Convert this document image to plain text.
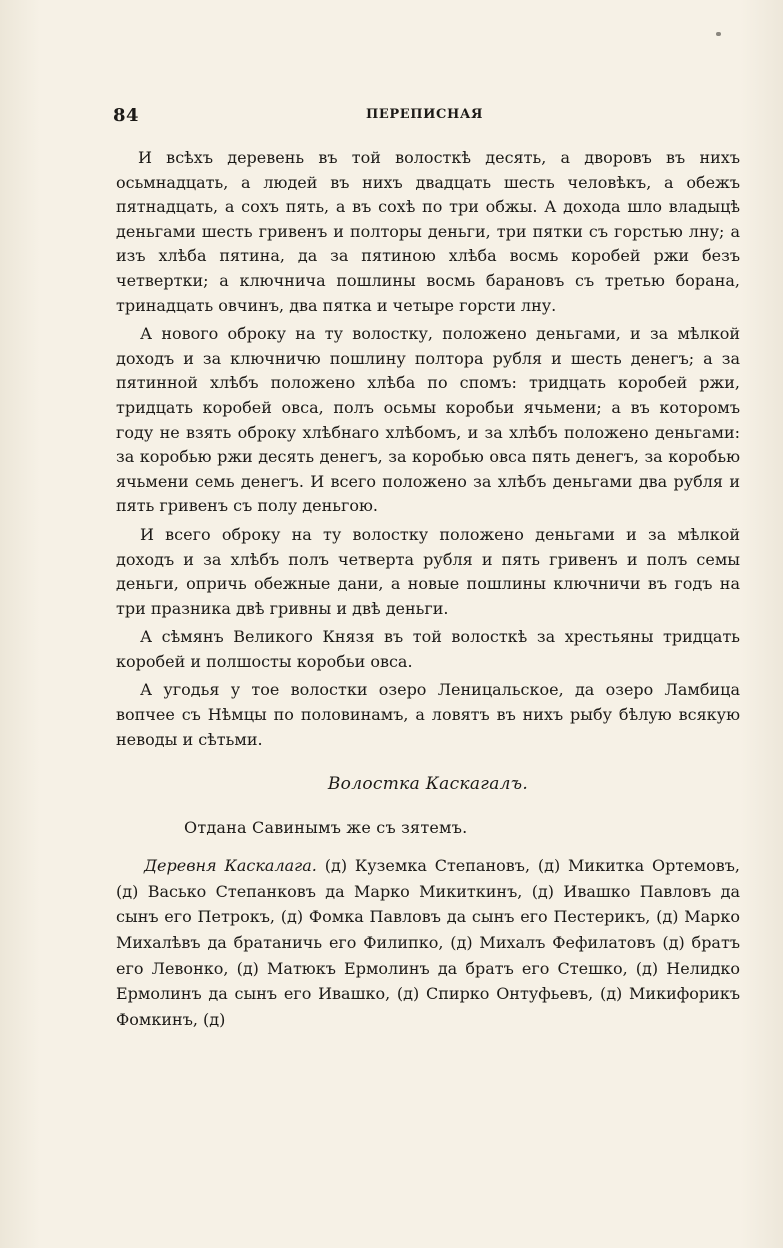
84	ПЕРЕПИСНАЯ

И всѣхъ деревень въ той волосткѣ десять, а дворовъ въ нихъ осьмнадцать, а людей въ нихъ двадцать шесть человѣкъ, а обежъ пятнадцать, а сохъ пять, а въ сохѣ по три обжы. А дохода шло владыцѣ деньгами шесть гривенъ и полторы деньги, три пятки съ горстью лну; а изъ хлѣба пятина, да за пятиною хлѣба восмь коробей ржи безъ четвертки; а ключнича пошлины восмь барановъ съ третью борана, тринадцать овчинъ, два пятка и четыре горсти лну.

А нового оброку на ту волостку, положено деньгами, и за мѣлкой доходъ и за ключничю пошлину полтора рубля и шесть денегъ; а за пятинной хлѣбъ положено хлѣба по спомъ: тридцать коробей ржи, тридцать коробей овса, полъ осьмы коробьи ячьмени; а въ которомъ году не взять оброку хлѣбнаго хлѣбомъ, и за хлѣбъ положено деньгами: за коробью ржи десять денегъ, за коробью овса пять денегъ, за коробью ячьмени семь денегъ. И всего положено за хлѣбъ деньгами два рубля и пять гривенъ съ полу деньгою.

И всего оброку на ту волостку положено деньгами и за мѣлкой доходъ и за хлѣбъ полъ четверта рубля и пять гривенъ и полъ семы деньги, опричь обежные дани, а новые пошлины ключничи въ годъ на три празника двѣ гривны и двѣ деньги.

А сѣмянъ Великого Князя въ той волосткѣ за хрестьяны тридцать коробей и полшосты коробьи овса.

А угодья у тое волостки озеро Леницальское, да озеро Ламбица вопчее съ Нѣмцы по половинамъ, а ловятъ въ нихъ рыбу бѣлую всякую неводы и сѣтьми.

Волостка Каскагалъ.

Отдана Савинымъ же съ зятемъ.

Деревня Каскалага. (д) Куземка Степановъ, (д) Микитка Ортемовъ, (д) Васько Степанковъ да Марко Микиткинъ, (д) Ивашко Павловъ да сынъ его Петрокъ, (д) Фомка Павловъ да сынъ его Пестерикъ, (д) Марко Михалѣвъ да братаничь его Филипко, (д) Михалъ Фефилатовъ (д) братъ его Левонко, (д) Матюкъ Ермолинъ да братъ его Стешко, (д) Нелидко Ермолинъ да сынъ его Ивашко, (д) Спирко Онтуфьевъ, (д) Микифорикъ Фомкинъ, (д)
